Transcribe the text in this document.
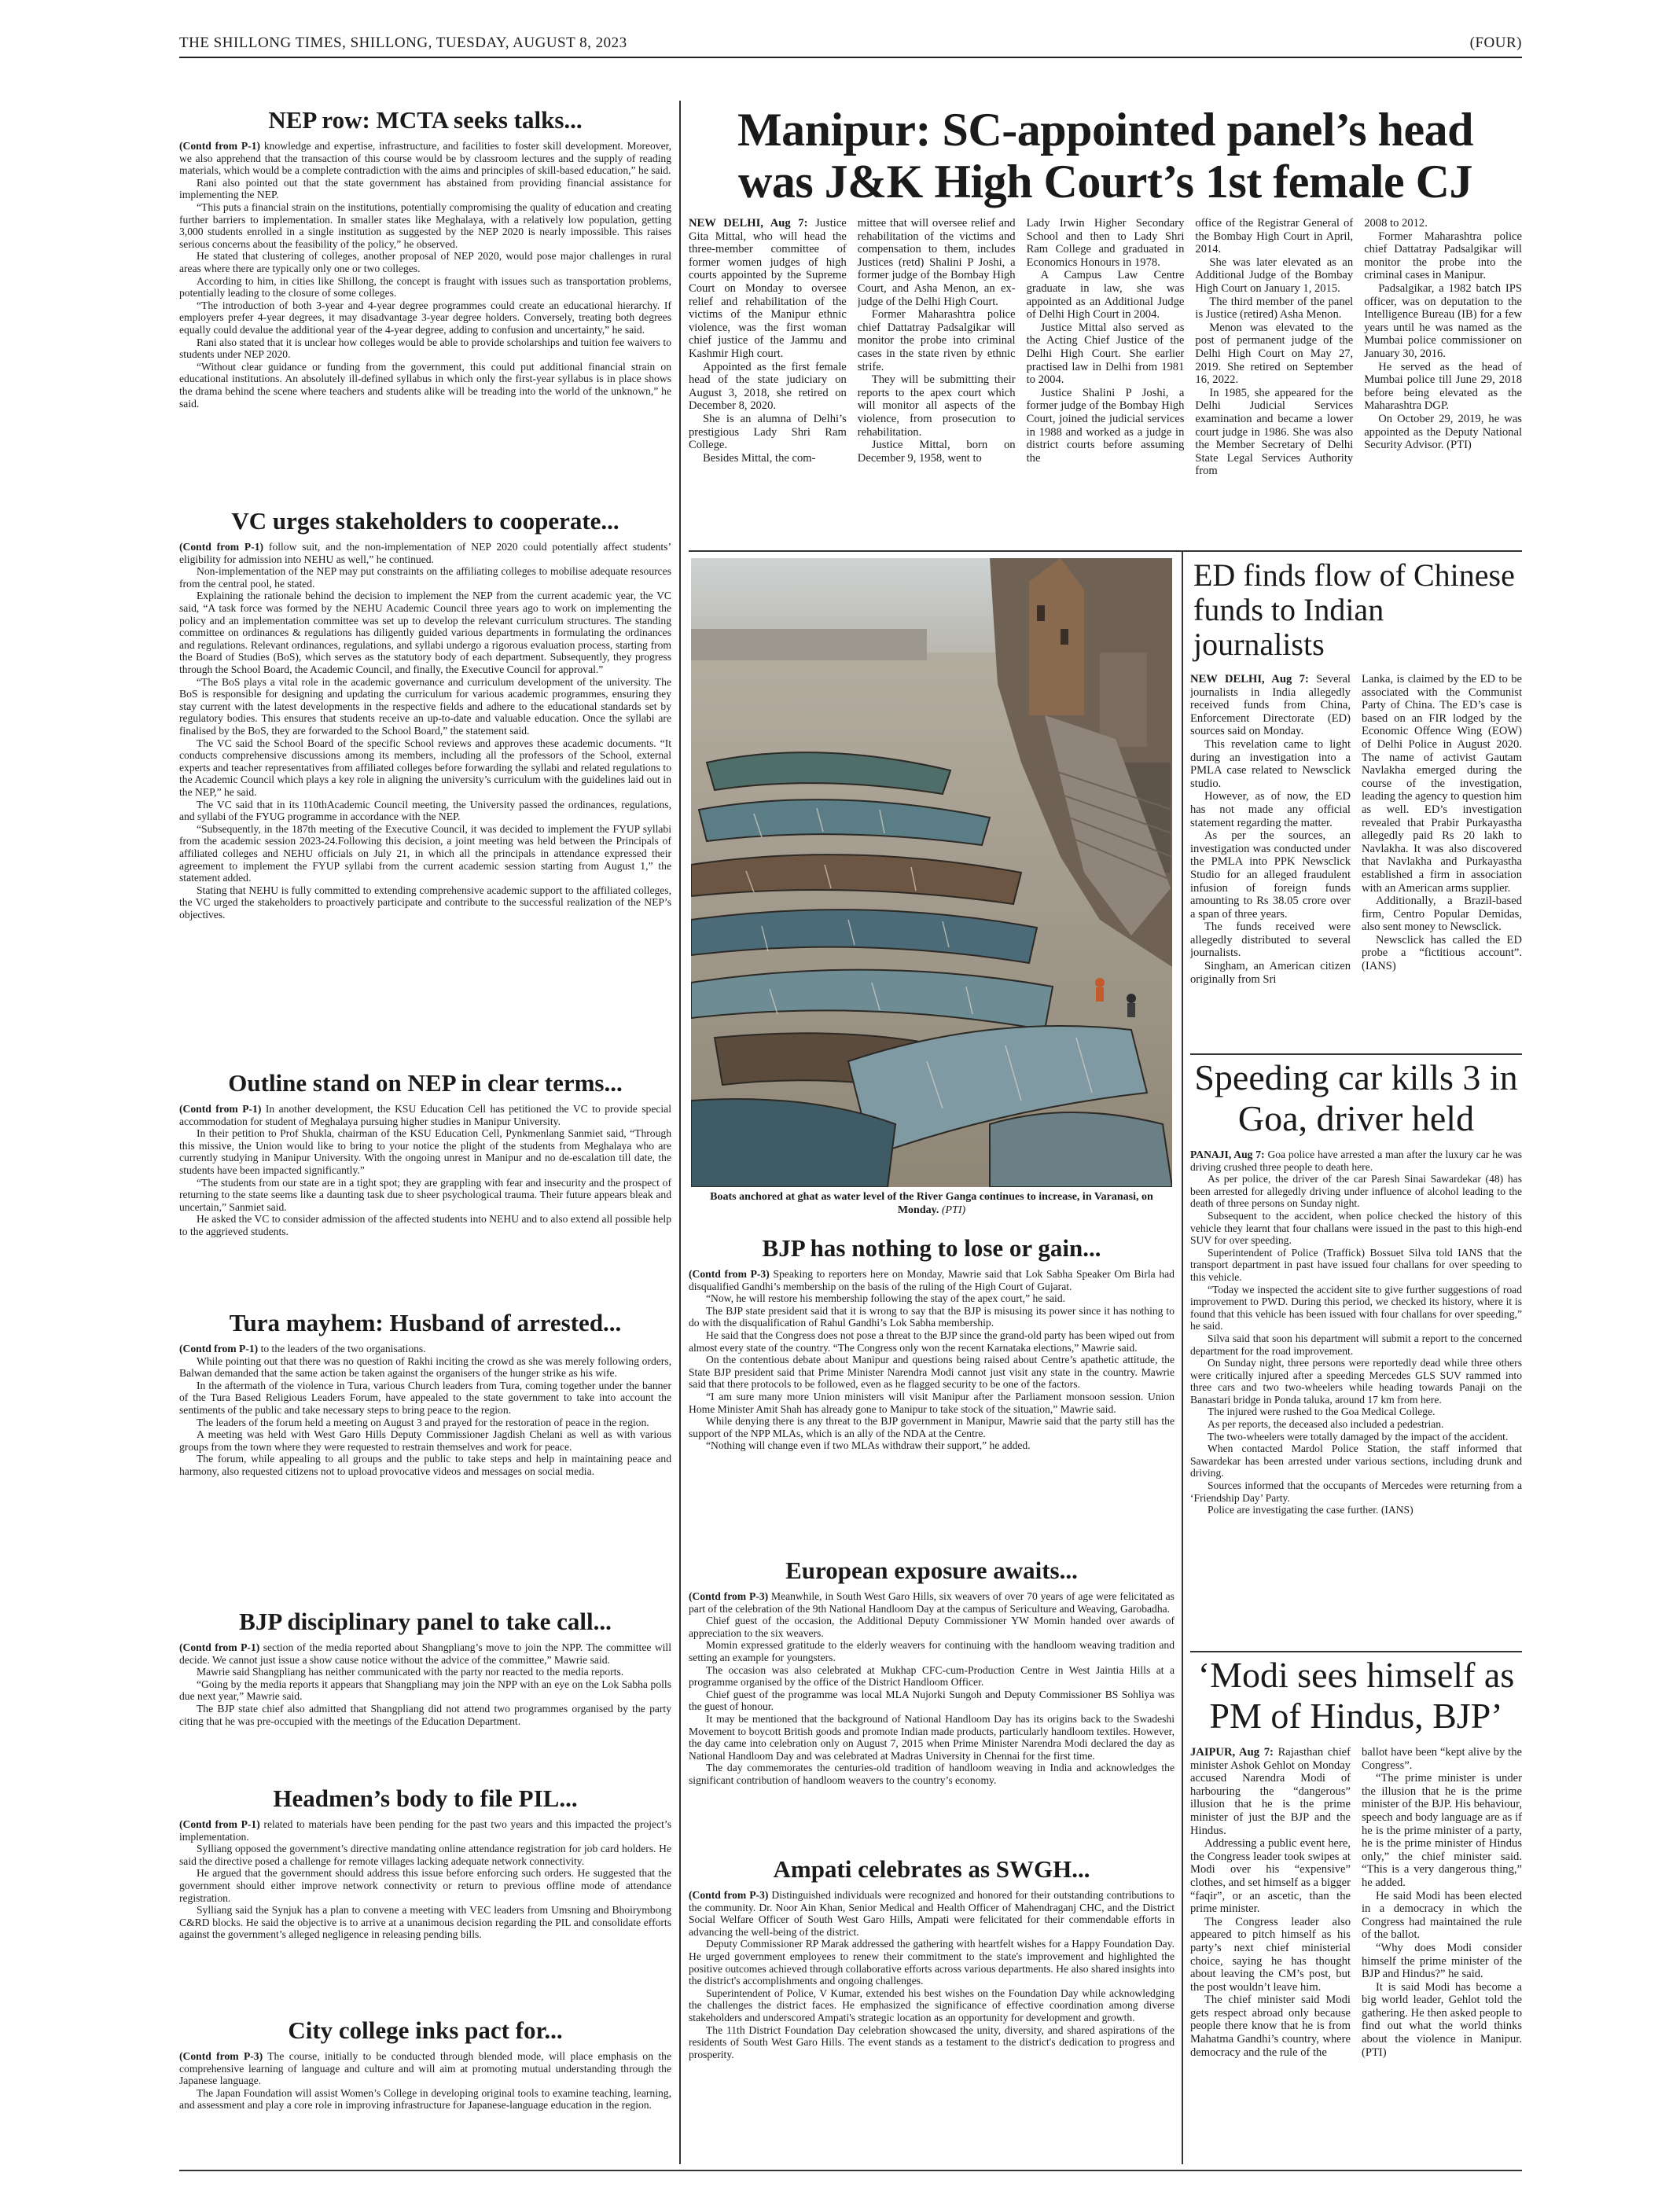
THE SHILLONG TIMES, SHILLONG, TUESDAY, AUGUST 8, 2023	(FOUR)
NEP row: MCTA seeks talks...

(Contd from P-1) knowledge and expertise, infrastructure, and facilities to foster skill development. Moreover, we also apprehend that the transaction of this course would be by classroom lectures and the supply of reading materials, which would be a complete contradiction with the aims and principles of skill-based education,” he said.

Rani also pointed out that the state government has abstained from providing financial assistance for implementing the NEP.

“This puts a financial strain on the institutions, potentially compromising the quality of education and creating further barriers to implementation. In smaller states like Meghalaya, with a relatively low population, getting 3,000 students enrolled in a single institution as suggested by the NEP 2020 is nearly impossible. This raises serious concerns about the feasibility of the policy,” he observed.

He stated that clustering of colleges, another proposal of NEP 2020, would pose major challenges in rural areas where there are typically only one or two colleges.

According to him, in cities like Shillong, the concept is fraught with issues such as transportation problems, potentially leading to the closure of some colleges.

“The introduction of both 3-year and 4-year degree programmes could create an educational hierarchy. If employers prefer 4-year degrees, it may disadvantage 3-year degree holders. Conversely, treating both degrees equally could devalue the additional year of the 4-year degree, adding to confusion and uncertainty,” he said.

Rani also stated that it is unclear how colleges would be able to provide scholarships and tuition fee waivers to students under NEP 2020.

“Without clear guidance or funding from the government, this could put additional financial strain on educational institutions. An absolutely ill-defined syllabus in which only the first-year syllabus is in place shows the drama behind the scene where teachers and students alike will be treading into the world of the unknown,” he said.

VC urges stakeholders to cooperate...

(Contd from P-1) follow suit, and the non-implementation of NEP 2020 could potentially affect students’ eligibility for admission into NEHU as well,” he continued.

Non-implementation of the NEP may put constraints on the affiliating colleges to mobilise adequate resources from the central pool, he stated.

Explaining the rationale behind the decision to implement the NEP from the current academic year, the VC said, “A task force was formed by the NEHU Academic Council three years ago to work on implementing the policy and an implementation committee was set up to develop the relevant curriculum structures. The standing committee on ordinances & regulations has diligently guided various departments in formulating the ordinances and regulations. Relevant ordinances, regulations, and syllabi undergo a rigorous evaluation process, starting from the Board of Studies (BoS), which serves as the statutory body of each department. Subsequently, they progress through the School Board, the Academic Council, and finally, the Executive Council for approval.”

“The BoS plays a vital role in the academic governance and curriculum development of the university. The BoS is responsible for designing and updating the curriculum for various academic programmes, ensuring they stay current with the latest developments in the respective fields and adhere to the educational standards set by regulatory bodies. This ensures that students receive an up-to-date and valuable education. Once the syllabi are finalised by the BoS, they are forwarded to the School Board,” the statement said.

The VC said the School Board of the specific School reviews and approves these academic documents. “It conducts comprehensive discussions among its members, including all the professors of the School, external experts and teacher representatives from affiliated colleges before forwarding the syllabi and related regulations to the Academic Council which plays a key role in aligning the university’s curriculum with the guidelines laid out in the NEP,” he said.

The VC said that in its 110thAcademic Council meeting, the University passed the ordinances, regulations, and syllabi of the FYUG programme in accordance with the NEP.

“Subsequently, in the 187th meeting of the Executive Council, it was decided to implement the FYUP syllabi from the academic session 2023-24.Following this decision, a joint meeting was held between the Principals of affiliated colleges and NEHU officials on July 21, in which all the principals in attendance expressed their agreement to implement the FYUP syllabi from the current academic session starting from August 1,” the statement added.

Stating that NEHU is fully committed to extending comprehensive academic support to the affiliated colleges, the VC urged the stakeholders to proactively participate and contribute to the successful realization of the NEP’s objectives.

Outline stand on NEP in clear terms...

(Contd from P-1) In another development, the KSU Education Cell has petitioned the VC to provide special accommodation for student of Meghalaya pursuing higher studies in Manipur University.

In their petition to Prof Shukla, chairman of the KSU Education Cell, Pynkmenlang Sanmiet said, “Through this missive, the Union would like to bring to your notice the plight of the students from Meghalaya who are currently studying in Manipur University. With the ongoing unrest in Manipur and no de-escalation till date, the students have been impacted significantly.”

“The students from our state are in a tight spot; they are grappling with fear and insecurity and the prospect of returning to the state seems like a daunting task due to sheer psychological trauma. Their future appears bleak and uncertain,” Sanmiet said.

He asked the VC to consider admission of the affected students into NEHU and to also extend all possible help to the aggrieved students.

Tura mayhem: Husband of arrested...

(Contd from P-1) to the leaders of the two organisations.

While pointing out that there was no question of Rakhi inciting the crowd as she was merely following orders, Balwan demanded that the same action be taken against the organisers of the hunger strike as his wife.

In the aftermath of the violence in Tura, various Church leaders from Tura, coming together under the banner of the Tura Based Religious Leaders Forum, have appealed to the state government to take into account the sentiments of the public and take necessary steps to bring peace to the region.

The leaders of the forum held a meeting on August 3 and prayed for the restoration of peace in the region.

A meeting was held with West Garo Hills Deputy Commissioner Jagdish Chelani as well as with various groups from the town where they were requested to restrain themselves and work for peace.

The forum, while appealing to all groups and the public to take steps and help in maintaining peace and harmony, also requested citizens not to upload provocative videos and messages on social media.

BJP disciplinary panel to take call...

(Contd from P-1) section of the media reported about Shangpliang’s move to join the NPP. The committee will decide. We cannot just issue a show cause notice without the advice of the committee,” Mawrie said.

Mawrie said Shangpliang has neither communicated with the party nor reacted to the media reports.

“Going by the media reports it appears that Shangpliang may join the NPP with an eye on the Lok Sabha polls due next year,” Mawrie said.

The BJP state chief also admitted that Shangpliang did not attend two programmes organised by the party citing that he was pre-occupied with the meetings of the Education Department.

Headmen’s body to file PIL...

(Contd from P-1) related to materials have been pending for the past two years and this impacted the project’s implementation.

Sylliang opposed the government’s directive mandating online attendance registration for job card holders. He said the directive posed a challenge for remote villages lacking adequate network connectivity.

He argued that the government should address this issue before enforcing such orders. He suggested that the government should either improve network connectivity or return to previous offline mode of attendance registration.

Sylliang said the Synjuk has a plan to convene a meeting with VEC leaders from Umsning and Bhoirymbong C&RD blocks. He said the objective is to arrive at a unanimous decision regarding the PIL and consolidate efforts against the government’s alleged negligence in releasing pending bills.

City college inks pact for...

(Contd from P-3) The course, initially to be conducted through blended mode, will place emphasis on the comprehensive learning of language and culture and will aim at promoting mutual understanding through the Japanese language.

The Japan Foundation will assist Women’s College in developing original tools to examine teaching, learning, and assessment and play a core role in improving infrastructure for Japanese-language education in the region.

Manipur: SC-appointed panel’s head was J&K High Court’s 1st female CJ

NEW DELHI, Aug 7: Justice Gita Mittal, who will head the three-member committee of former women judges of high courts appointed by the Supreme Court on Monday to oversee relief and rehabilitation of the victims of the Manipur ethnic violence, was the first woman chief justice of the Jammu and Kashmir High court.

Appointed as the first female head of the state judiciary on August 3, 2018, she retired on December 8, 2020.

She is an alumna of Delhi’s prestigious Lady Shri Ram College.

Besides Mittal, the com-

mittee that will oversee relief and rehabilitation of the victims and compensation to them, includes Justices (retd) Shalini P Joshi, a former judge of the Bombay High Court, and Asha Menon, an ex-judge of the Delhi High Court.

Former Maharashtra police chief Dattatray Padsalgikar will monitor the probe into criminal cases in the state riven by ethnic strife.

They will be submitting their reports to the apex court which will monitor all aspects of the violence, from prosecution to rehabilitation.

Justice Mittal, born on December 9, 1958, went to

Lady Irwin Higher Secondary School and then to Lady Shri Ram College and graduated in Economics Honours in 1978.

A Campus Law Centre graduate in law, she was appointed as an Additional Judge of Delhi High Court in 2004.

Justice Mittal also served as the Acting Chief Justice of the Delhi High Court. She earlier practised law in Delhi from 1981 to 2004.

Justice Shalini P Joshi, a former judge of the Bombay High Court, joined the judicial services in 1988 and worked as a judge in district courts before assuming the

office of the Registrar General of the Bombay High Court in April, 2014.

She was later elevated as an Additional Judge of the Bombay High Court on January 1, 2015.

The third member of the panel is Justice (retired) Asha Menon.

Menon was elevated to the post of permanent judge of the Delhi High Court on May 27, 2019. She retired on September 16, 2022.

In 1985, she appeared for the Delhi Judicial Services examination and became a lower court judge in 1986. She was also the Member Secretary of Delhi State Legal Services Authority from

2008 to 2012.

Former Maharashtra police chief Dattatray Padsalgikar will monitor the probe into the criminal cases in Manipur.

Padsalgikar, a 1982 batch IPS officer, was on deputation to the Intelligence Bureau (IB) for a few years until he was named as the Mumbai police commissioner on January 30, 2016.

He served as the head of Mumbai police till June 29, 2018 before being elevated as the Maharashtra DGP.

On October 29, 2019, he was appointed as the Deputy National Security Advisor. (PTI)

Boats anchored at ghat as water level of the River Ganga continues to increase, in Varanasi, on Monday. (PTI)
ED finds flow of Chinese funds to Indian journalists

NEW DELHI, Aug 7: Several journalists in India allegedly received funds from China, Enforcement Directorate (ED) sources said on Monday.

This revelation came to light during an investigation into a PMLA case related to Newsclick studio.

However, as of now, the ED has not made any official statement regarding the matter.

As per the sources, an investigation was conducted under the PMLA into PPK Newsclick Studio for an alleged fraudulent infusion of foreign funds amounting to Rs 38.05 crore over a span of three years.

The funds received were allegedly distributed to several journalists.

Singham, an American citizen originally from Sri

Lanka, is claimed by the ED to be associated with the Communist Party of China. The ED’s case is based on an FIR lodged by the Economic Offence Wing (EOW) of Delhi Police in August 2020. The name of activist Gautam Navlakha emerged during the course of the investigation, leading the agency to question him as well. ED’s investigation revealed that Prabir Purkayastha allegedly paid Rs 20 lakh to Navlakha. It was also discovered that Navlakha and Purkayastha established a firm in association with an American arms supplier.

Additionally, a Brazil-based firm, Centro Popular Demidas, also sent money to Newsclick.

Newsclick has called the ED probe a “fictitious account”. (IANS)

BJP has nothing to lose or gain...

(Contd from P-3) Speaking to reporters here on Monday, Mawrie said that Lok Sabha Speaker Om Birla had disqualified Gandhi’s membership on the basis of the ruling of the High Court of Gujarat.

“Now, he will restore his membership following the stay of the apex court,” he said.

The BJP state president said that it is wrong to say that the BJP is misusing its power since it has nothing to do with the disqualification of Rahul Gandhi’s Lok Sabha membership.

He said that the Congress does not pose a threat to the BJP since the grand-old party has been wiped out from almost every state of the country. “The Congress only won the recent Karnataka elections,” Mawrie said.

On the contentious debate about Manipur and questions being raised about Centre’s apathetic attitude, the State BJP president said that Prime Minister Narendra Modi cannot just visit any state in the country. Mawrie said that there protocols to be followed, even as he flagged security to be one of the factors.

“I am sure many more Union ministers will visit Manipur after the Parliament monsoon session. Union Home Minister Amit Shah has already gone to Manipur to take stock of the situation,” Mawrie said.

While denying there is any threat to the BJP government in Manipur, Mawrie said that the party still has the support of the NPP MLAs, which is an ally of the NDA at the Centre.

“Nothing will change even if two MLAs withdraw their support,” he added.

European exposure awaits...

(Contd from P-3) Meanwhile, in South West Garo Hills, six weavers of over 70 years of age were felicitated as part of the celebration of the 9th National Handloom Day at the campus of Sericulture and Weaving, Garobadha.

Chief guest of the occasion, the Additional Deputy Commissioner YW Momin handed over awards of appreciation to the six weavers.

Momin expressed gratitude to the elderly weavers for continuing with the handloom weaving tradition and setting an example for youngsters.

The occasion was also celebrated at Mukhap CFC-cum-Production Centre in West Jaintia Hills at a programme organised by the office of the District Handloom Officer.

Chief guest of the programme was local MLA Nujorki Sungoh and Deputy Commissioner BS Sohliya was the guest of honour.

It may be mentioned that the background of National Handloom Day has its origins back to the Swadeshi Movement to boycott British goods and promote Indian made products, particularly handloom textiles. However, the day came into celebration only on August 7, 2015 when Prime Minister Narendra Modi declared the day as National Handloom Day and was celebrated at Madras University in Chennai for the first time.

The day commemorates the centuries-old tradition of handloom weaving in India and acknowledges the significant contribution of handloom weavers to the country’s economy.

Ampati celebrates as SWGH...

(Contd from P-3) Distinguished individuals were recognized and honored for their outstanding contributions to the community. Dr. Noor Ain Khan, Senior Medical and Health Officer of Mahendraganj CHC, and the District Social Welfare Officer of South West Garo Hills, Ampati were felicitated for their commendable efforts in advancing the well-being of the district.

Deputy Commissioner RP Marak addressed the gathering with heartfelt wishes for a Happy Foundation Day. He urged government employees to renew their commitment to the state's improvement and highlighted the positive outcomes achieved through collaborative efforts across various departments. He also shared insights into the district's accomplishments and ongoing challenges.

Superintendent of Police, V Kumar, extended his best wishes on the Foundation Day while acknowledging the challenges the district faces. He emphasized the significance of effective coordination among diverse stakeholders and underscored Ampati's strategic location as an opportunity for development and growth.

The 11th District Foundation Day celebration showcased the unity, diversity, and shared aspirations of the residents of South West Garo Hills. The event stands as a testament to the district's dedication to progress and prosperity.

Speeding car kills 3 in Goa, driver held

PANAJI, Aug 7: Goa police have arrested a man after the luxury car he was driving crushed three people to death here.

As per police, the driver of the car Paresh Sinai Sawardekar (48) has been arrested for allegedly driving under influence of alcohol leading to the death of three persons on Sunday night.

Subsequent to the accident, when police checked the history of this vehicle they learnt that four challans were issued in the past to this high-end SUV for over speeding.

Superintendent of Police (Traffick) Bossuet Silva told IANS that the transport department in past have issued four challans for over speeding to this vehicle.

“Today we inspected the accident site to give further suggestions of road improvement to PWD. During this period, we checked its history, where it is found that this vehicle has been issued with four challans for over speeding,” he said.

Silva said that soon his department will submit a report to the concerned department for the road improvement.

On Sunday night, three persons were reportedly dead while three others were critically injured after a speeding Mercedes GLS SUV rammed into three cars and two two-wheelers while heading towards Panaji on the Banastari bridge in Ponda taluka, around 17 km from here.

The injured were rushed to the Goa Medical College.

As per reports, the deceased also included a pedestrian.

The two-wheelers were totally damaged by the impact of the accident.

When contacted Mardol Police Station, the staff informed that Sawardekar has been arrested under various sections, including drunk and driving.

Sources informed that the occupants of Mercedes were returning from a ‘Friendship Day’ Party.

Police are investigating the case further. (IANS)

‘Modi sees himself as PM of Hindus, BJP’

JAIPUR, Aug 7: Rajasthan chief minister Ashok Gehlot on Monday accused Narendra Modi of harbouring the “dangerous” illusion that he is the prime minister of just the BJP and the Hindus.

Addressing a public event here, the Congress leader took swipes at Modi over his “expensive” clothes, and set himself as a bigger “faqir”, or an ascetic, than the prime minister.

The Congress leader also appeared to pitch himself as his party’s next chief ministerial choice, saying he has thought about leaving the CM’s post, but the post wouldn’t leave him.

The chief minister said Modi gets respect abroad only because people there know that he is from Mahatma Gandhi’s country, where democracy and the rule of the

ballot have been “kept alive by the Congress”.

“The prime minister is under the illusion that he is the prime minister of the BJP. His behaviour, speech and body language are as if he is the prime minister of a party, he is the prime minister of Hindus only,” the chief minister said. “This is a very dangerous thing,” he added.

He said Modi has been elected in a democracy in which the Congress had maintained the rule of the ballot.

“Why does Modi consider himself the prime minister of the BJP and Hindus?” he said.

It is said Modi has become a big world leader, Gehlot told the gathering. He then asked people to find out what the world thinks about the violence in Manipur. (PTI)
